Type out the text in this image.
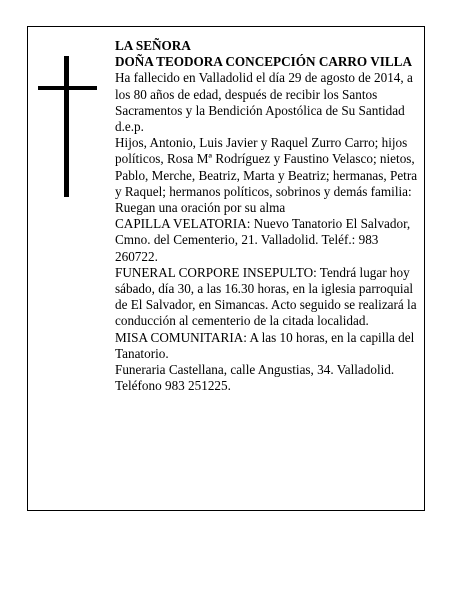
LA SEÑORA

DOÑA TEODORA CONCEPCIÓN CARRO VILLA

Ha fallecido en Valladolid el día 29 de agosto de 2014, a los 80 años de edad, después de recibir los Santos Sacramentos y la Bendición Apostólica de Su Santidad

d.e.p.

Hijos, Antonio, Luis Javier y Raquel Zurro Carro; hijos políticos, Rosa Mª Rodríguez y Faustino Velasco; nietos, Pablo, Merche, Beatriz, Marta y Beatriz; hermanas, Petra y Raquel; hermanos políticos, sobrinos y demás familia:

Ruegan una oración por su alma

CAPILLA VELATORIA: Nuevo Tanatorio El Salvador, Cmno. del Cementerio, 21. Valladolid. Teléf.: 983 260722.

FUNERAL CORPORE INSEPULTO: Tendrá lugar hoy sábado, día 30, a las 16.30 horas, en la iglesia parroquial de El Salvador, en Simancas. Acto seguido se realizará la conducción al cementerio de la citada localidad.

MISA COMUNITARIA: A las 10 horas, en la capilla del Tanatorio.

Funeraria Castellana, calle Angustias, 34. Valladolid. Teléfono 983 251225.
